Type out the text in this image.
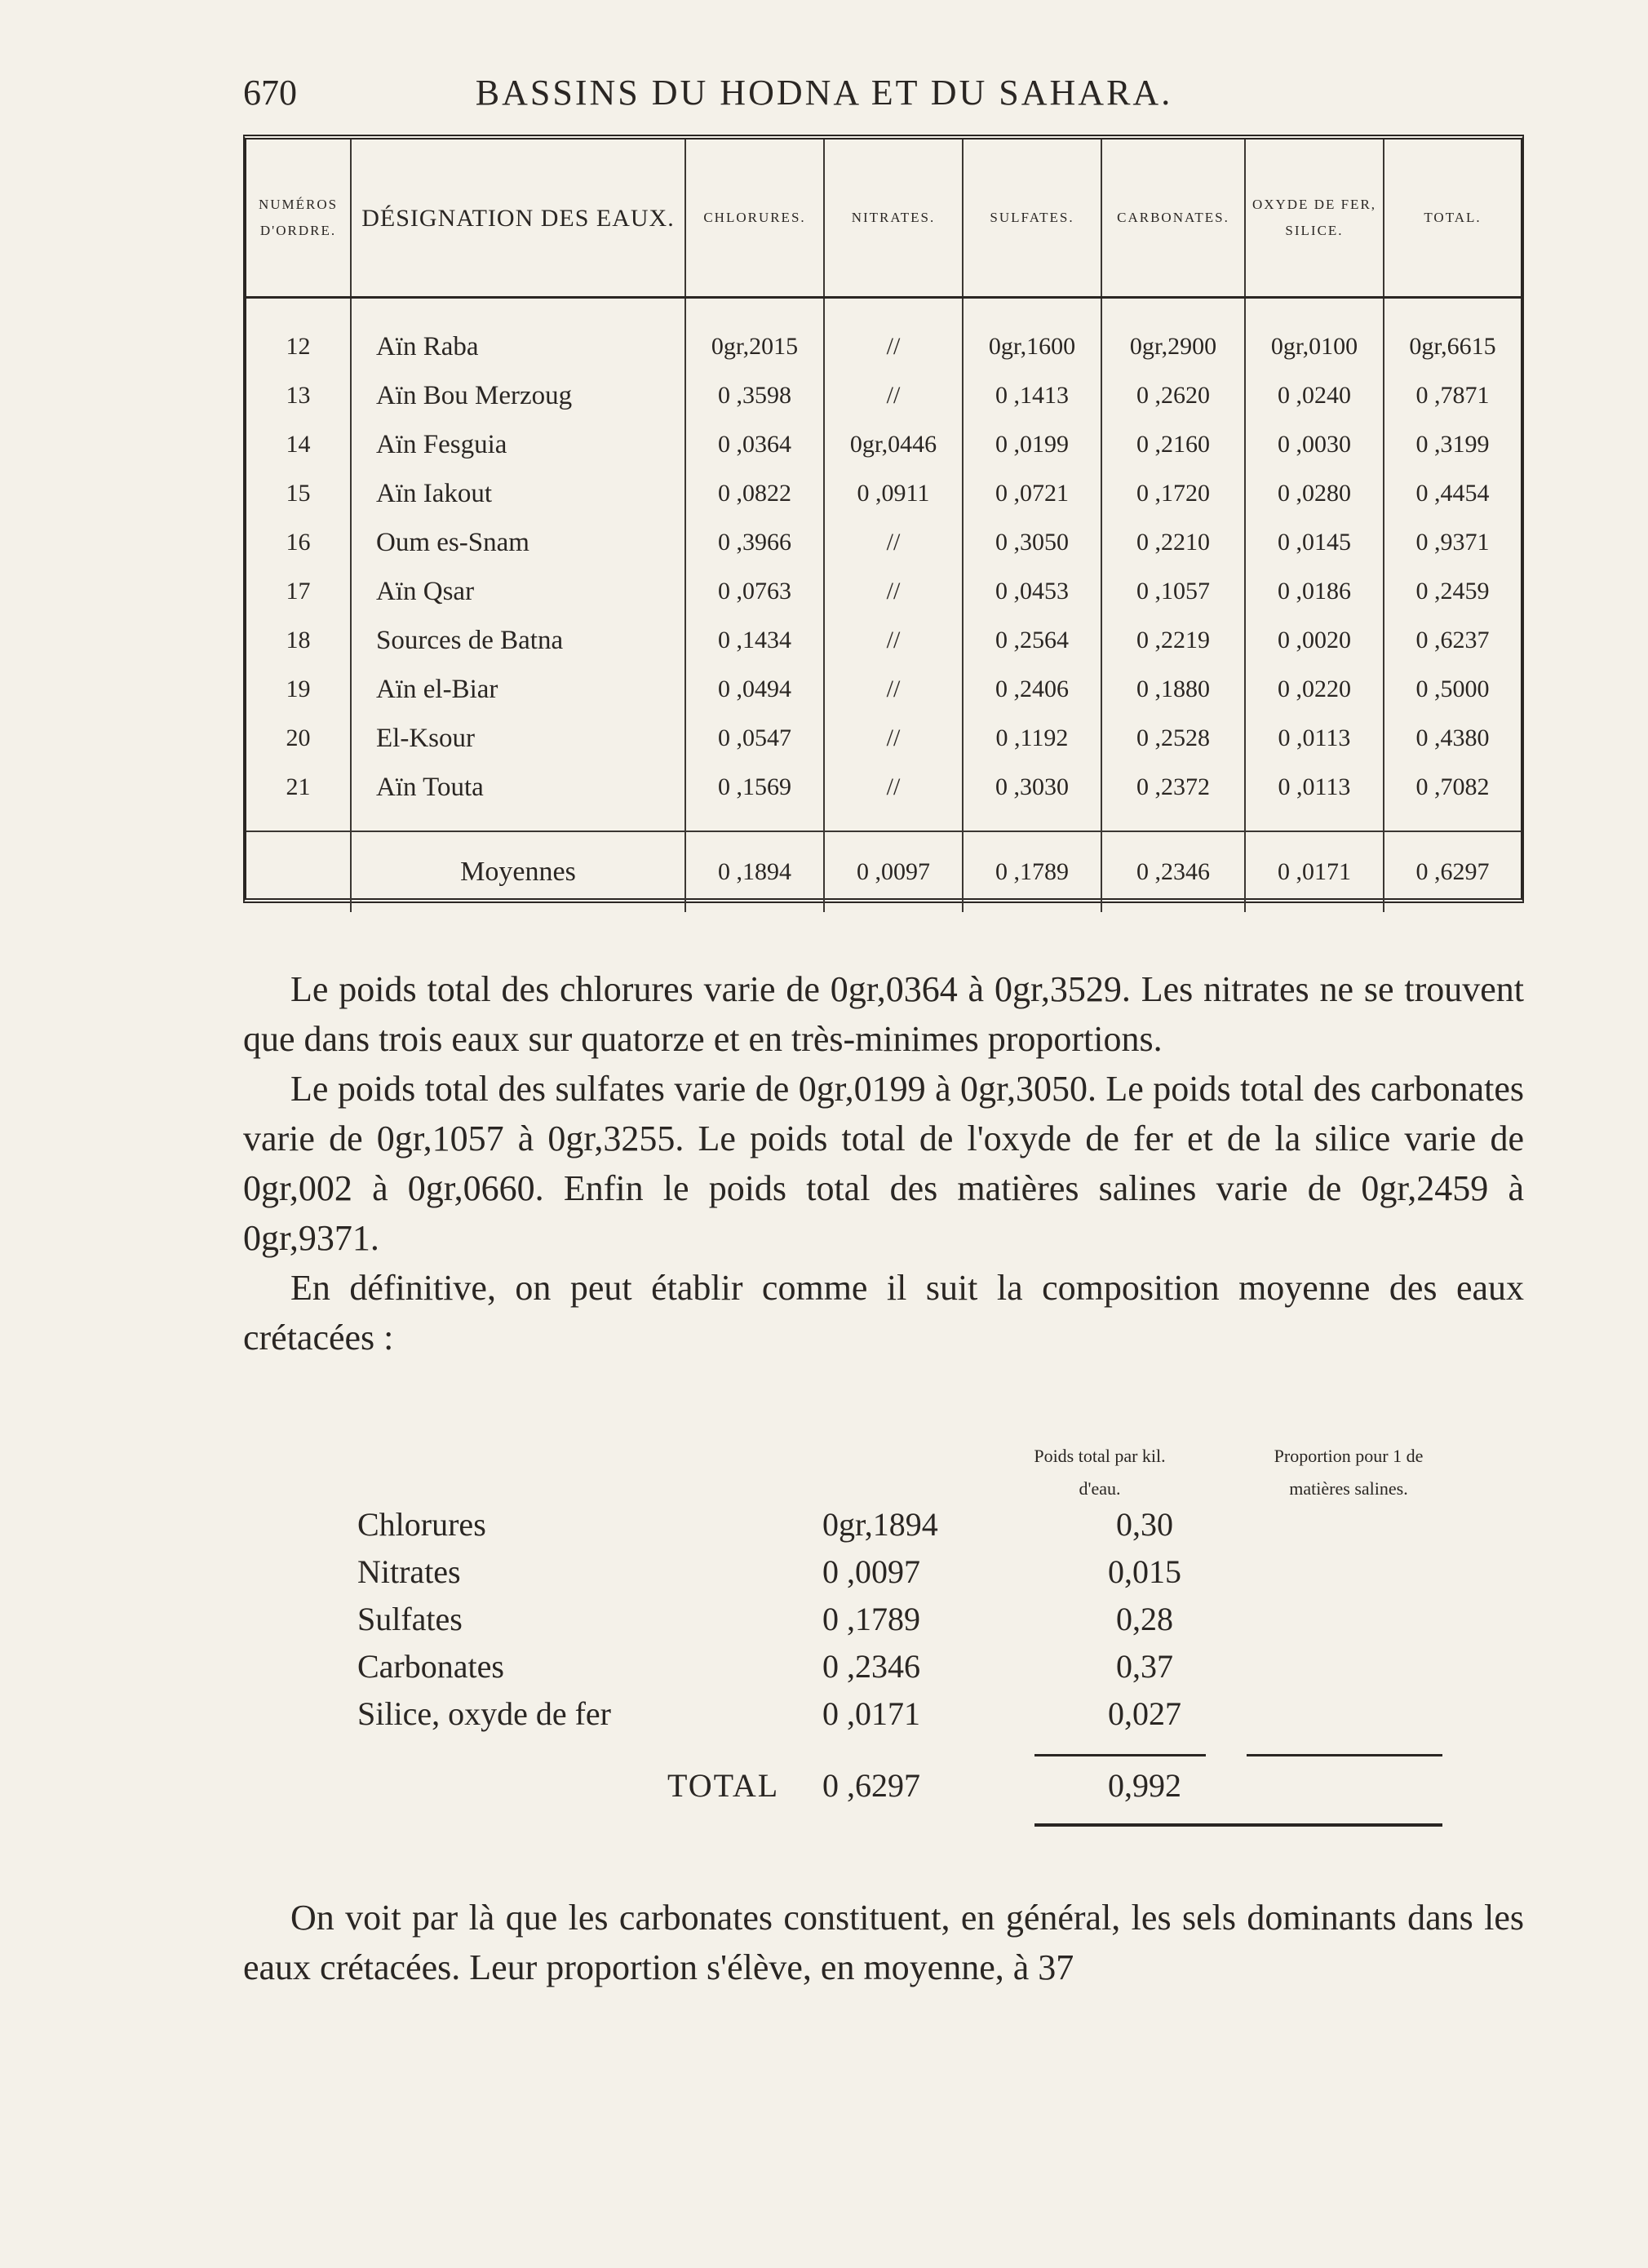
670	BASSINS DU HODNA ET DU SAHARA.
NUMÉROS D'ORDRE.	DÉSIGNATION DES EAUX.	CHLORURES.	NITRATES.	SULFATES.	CARBONATES.	OXYDE DE FER, SILICE.	TOTAL.
12	Aïn Raba	0gr,2015	//	0gr,1600	0gr,2900	0gr,0100	0gr,6615
13	Aïn Bou Merzoug	0 ,3598	//	0 ,1413	0 ,2620	0 ,0240	0 ,7871
14	Aïn Fesguia	0 ,0364	0gr,0446	0 ,0199	0 ,2160	0 ,0030	0 ,3199
15	Aïn Iakout	0 ,0822	0 ,0911	0 ,0721	0 ,1720	0 ,0280	0 ,4454
16	Oum es-Snam	0 ,3966	//	0 ,3050	0 ,2210	0 ,0145	0 ,9371
17	Aïn Qsar	0 ,0763	//	0 ,0453	0 ,1057	0 ,0186	0 ,2459
18	Sources de Batna	0 ,1434	//	0 ,2564	0 ,2219	0 ,0020	0 ,6237
19	Aïn el-Biar	0 ,0494	//	0 ,2406	0 ,1880	0 ,0220	0 ,5000
20	El-Ksour	0 ,0547	//	0 ,1192	0 ,2528	0 ,0113	0 ,4380
21	Aïn Touta	0 ,1569	//	0 ,3030	0 ,2372	0 ,0113	0 ,7082
	Moyennes	0 ,1894	0 ,0097	0 ,1789	0 ,2346	0 ,0171	0 ,6297

Le poids total des chlorures varie de 0gr,0364 à 0gr,3529. Les nitrates ne se trouvent que dans trois eaux sur quatorze et en très-minimes proportions.

Le poids total des sulfates varie de 0gr,0199 à 0gr,3050. Le poids total des carbonates varie de 0gr,1057 à 0gr,3255. Le poids total de l'oxyde de fer et de la silice varie de 0gr,002 à 0gr,0660. Enfin le poids total des matières salines varie de 0gr,2459 à 0gr,9371.

En définitive, on peut établir comme il suit la composition moyenne des eaux crétacées :

Poids total par kil. d'eau.
Proportion pour 1 de matières salines.
Chlorures	0gr,1894	0,30
Nitrates	0 ,0097	0,015
Sulfates	0 ,1789	0,28
Carbonates	0 ,2346	0,37
Silice, oxyde de fer	0 ,0171	0,027
TOTAL 0 ,6297	0,992

On voit par là que les carbonates constituent, en général, les sels dominants dans les eaux crétacées. Leur proportion s'élève, en moyenne, à 37
